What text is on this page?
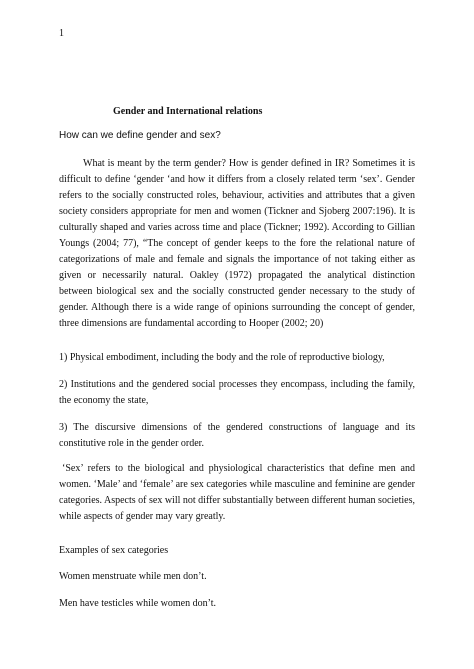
1
Gender and International relations
How can we define gender and sex?

What is meant by the term gender? How is gender defined in IR? Sometimes it is difficult to define ‘gender ‘and how it differs from a closely related term ‘sex’. Gender refers to the socially constructed roles, behaviour, activities and attributes that a given society considers appropriate for men and women (Tickner and Sjoberg 2007:196). It is culturally shaped and varies across time and place (Tickner; 1992). According to Gillian Youngs (2004; 77), “The concept of gender keeps to the fore the relational nature of categorizations of male and female and signals the importance of not taking either as given or necessarily natural. Oakley (1972) propagated the analytical distinction between biological sex and the socially constructed gender necessary to the study of gender. Although there is a wide range of opinions surrounding the concept of gender, three dimensions are fundamental according to Hooper (2002; 20)

1) Physical embodiment, including the body and the role of reproductive biology,

2) Institutions and the gendered social processes they encompass, including the family, the economy the state,

3) The discursive dimensions of the gendered constructions of language and its constitutive role in the gender order.

‘Sex’ refers to the biological and physiological characteristics that define men and women. ‘Male’ and ‘female’ are sex categories while masculine and feminine are gender categories. Aspects of sex will not differ substantially between different human societies, while aspects of gender may vary greatly.

Examples of sex categories

Women menstruate while men don’t.

Men have testicles while women don’t.
